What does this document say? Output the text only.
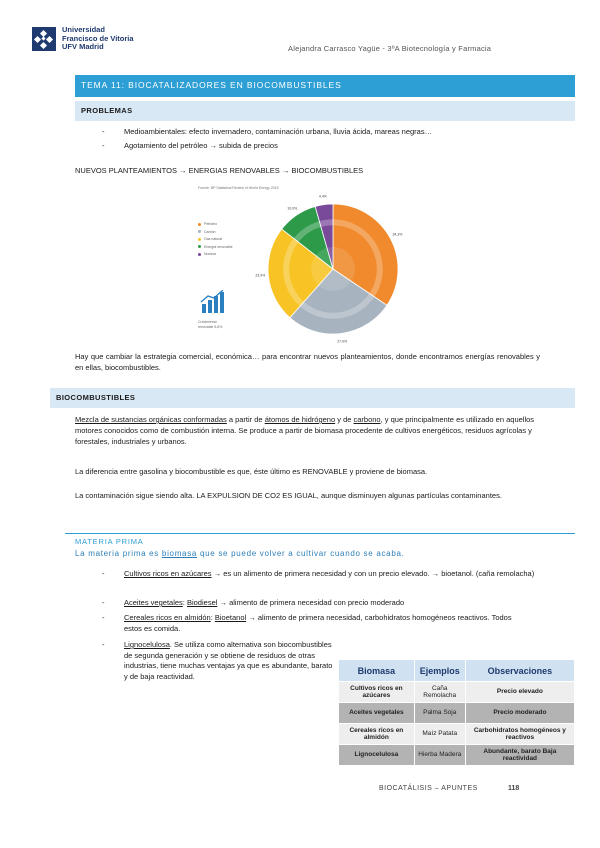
Universidad
Francisco de Vitoria
UFV Madrid	Alejandra Carrasco Yagüe - 3ºA Biotecnología y Farmacia
TEMA 11: BIOCATALIZADORES EN BIOCOMBUSTIBLES
PROBLEMAS
-	Medioambientales: efecto invernadero, contaminación urbana, lluvia ácida, mareas negras…
-	Agotamiento del petróleo → subida de precios
NUEVOS PLANTEAMIENTOS → ENERGIAS RENOVABLES → BIOCOMBUSTIBLES
Fuente: BP Statistical Review of World Energy 2015
Petróleo
Carbón
Gas natural
Energía renovable
Nuclear
Crecimiento renovable 5,6%
34,3%
27,0%
23,9%
10,0%
4,4%
Hay que cambiar la estrategia comercial, económica… para encontrar nuevos planteamientos, donde encontramos energías renovables y en ellas, biocombustibles.
BIOCOMBUSTIBLES
Mezcla de sustancias orgánicas conformadas a partir de átomos de hidrógeno y de carbono, y que principalmente es utilizado en aquellos motores conocidos como de combustión interna. Se produce a partir de biomasa procedente de cultivos energéticos, residuos agrícolas y forestales, industriales y urbanos.
La diferencia entre gasolina y biocombustible es que, éste último es RENOVABLE y proviene de biomasa.
La contaminación sigue siendo alta. LA EXPULSION DE CO2 ES IGUAL, aunque disminuyen algunas partículas contaminantes.
MATERIA PRIMA
La materia prima es biomasa que se puede volver a cultivar cuando se acaba.
-	Cultivos ricos en azúcares → es un alimento de primera necesidad y con un precio elevado. → bioetanol. (caña remolacha)
-	Aceites vegetales: Biodiesel → alimento de primera necesidad con precio moderado
-	Cereales ricos en almidón: Bioetanol → alimento de primera necesidad, carbohidratos homogéneos reactivos. Todos estos es comida.
-	Lignocelulosa. Se utiliza como alternativa son biocombustibles de segunda generación y se obtiene de residuos de otras industrias, tiene muchas ventajas ya que es abundante, barato y de baja reactividad.
Biomasa	Ejemplos	Observaciones
Cultivos ricos en azúcares	Caña Remolacha	Precio elevado
Aceites vegetales	Palma Soja	Precio moderado
Cereales ricos en almidón	Maíz Patata	Carbohidratos homogéneos y reactivos
Lignocelulosa	Hierba Madera	Abundante, barato Baja reactividad
BIOCATÁLISIS – APUNTES	118
